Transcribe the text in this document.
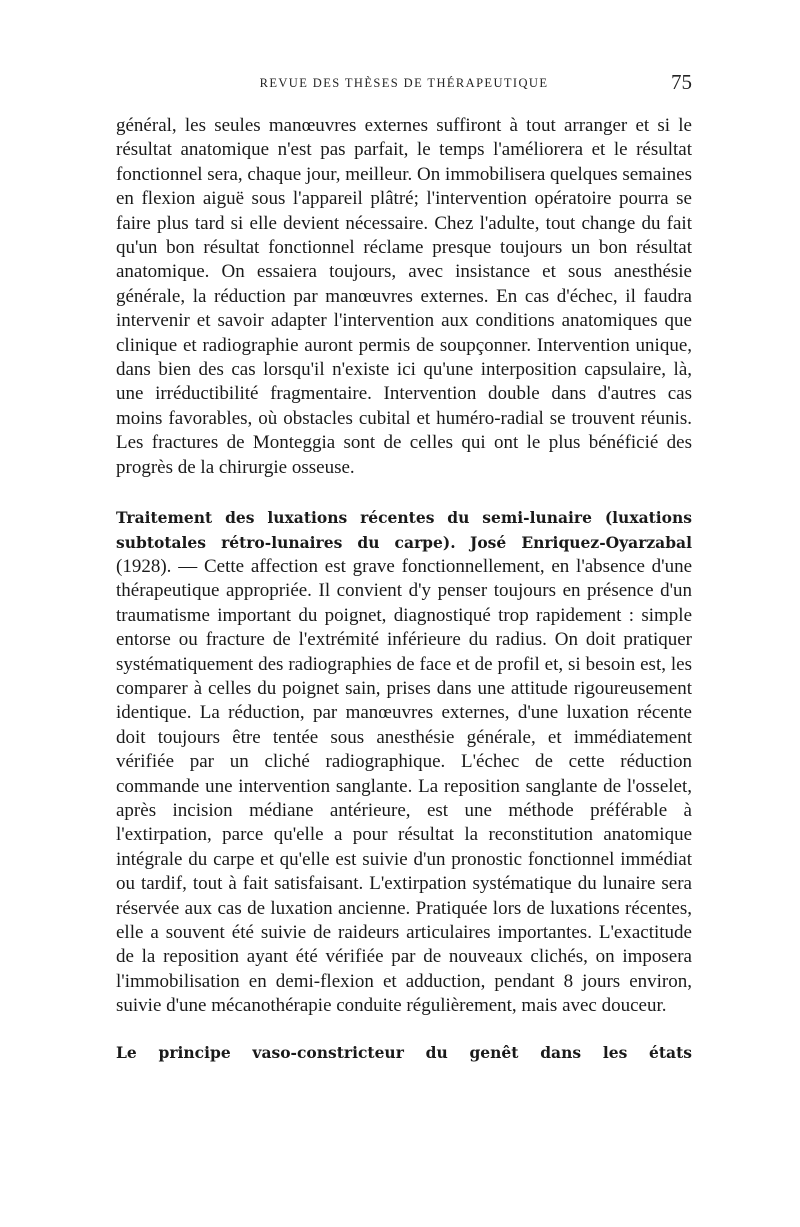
REVUE DES THÈSES DE THÉRAPEUTIQUE	75

général, les seules manœuvres externes suffiront à tout arranger et si le résultat anatomique n'est pas parfait, le temps l'améliorera et le résultat fonctionnel sera, chaque jour, meilleur. On immobilisera quelques semaines en flexion aiguë sous l'appareil plâtré; l'intervention opératoire pourra se faire plus tard si elle devient nécessaire. Chez l'adulte, tout change du fait qu'un bon résultat fonctionnel réclame presque toujours un bon résultat anatomique. On essaiera toujours, avec insistance et sous anesthésie générale, la réduction par manœuvres externes. En cas d'échec, il faudra intervenir et savoir adapter l'intervention aux conditions anatomiques que clinique et radiographie auront permis de soupçonner. Intervention unique, dans bien des cas lorsqu'il n'existe ici qu'une interposition capsulaire, là, une irréductibilité fragmentaire. Intervention double dans d'autres cas moins favorables, où obstacles cubital et huméro-radial se trouvent réunis. Les fractures de Monteggia sont de celles qui ont le plus bénéficié des progrès de la chirurgie osseuse.

Traitement des luxations récentes du semi-lunaire (luxations subtotales rétro-lunaires du carpe). José Enriquez-Oyarzabal (1928). — Cette affection est grave fonctionnellement, en l'absence d'une thérapeutique appropriée. Il convient d'y penser toujours en présence d'un traumatisme important du poignet, diagnostiqué trop rapidement : simple entorse ou fracture de l'extrémité inférieure du radius. On doit pratiquer systématiquement des radiographies de face et de profil et, si besoin est, les comparer à celles du poignet sain, prises dans une attitude rigoureusement identique. La réduction, par manœuvres externes, d'une luxation récente doit toujours être tentée sous anesthésie générale, et immédiatement vérifiée par un cliché radiographique. L'échec de cette réduction commande une intervention sanglante. La reposition sanglante de l'osselet, après incision médiane antérieure, est une méthode préférable à l'extirpation, parce qu'elle a pour résultat la reconstitution anatomique intégrale du carpe et qu'elle est suivie d'un pronostic fonctionnel immédiat ou tardif, tout à fait satisfaisant. L'extirpation systématique du lunaire sera réservée aux cas de luxation ancienne. Pratiquée lors de luxations récentes, elle a souvent été suivie de raideurs articulaires importantes. L'exactitude de la reposition ayant été vérifiée par de nouveaux clichés, on imposera l'immobilisation en demi-flexion et adduction, pendant 8 jours environ, suivie d'une mécanothérapie conduite régulièrement, mais avec douceur.

Le principe vaso-constricteur du genêt dans les états
